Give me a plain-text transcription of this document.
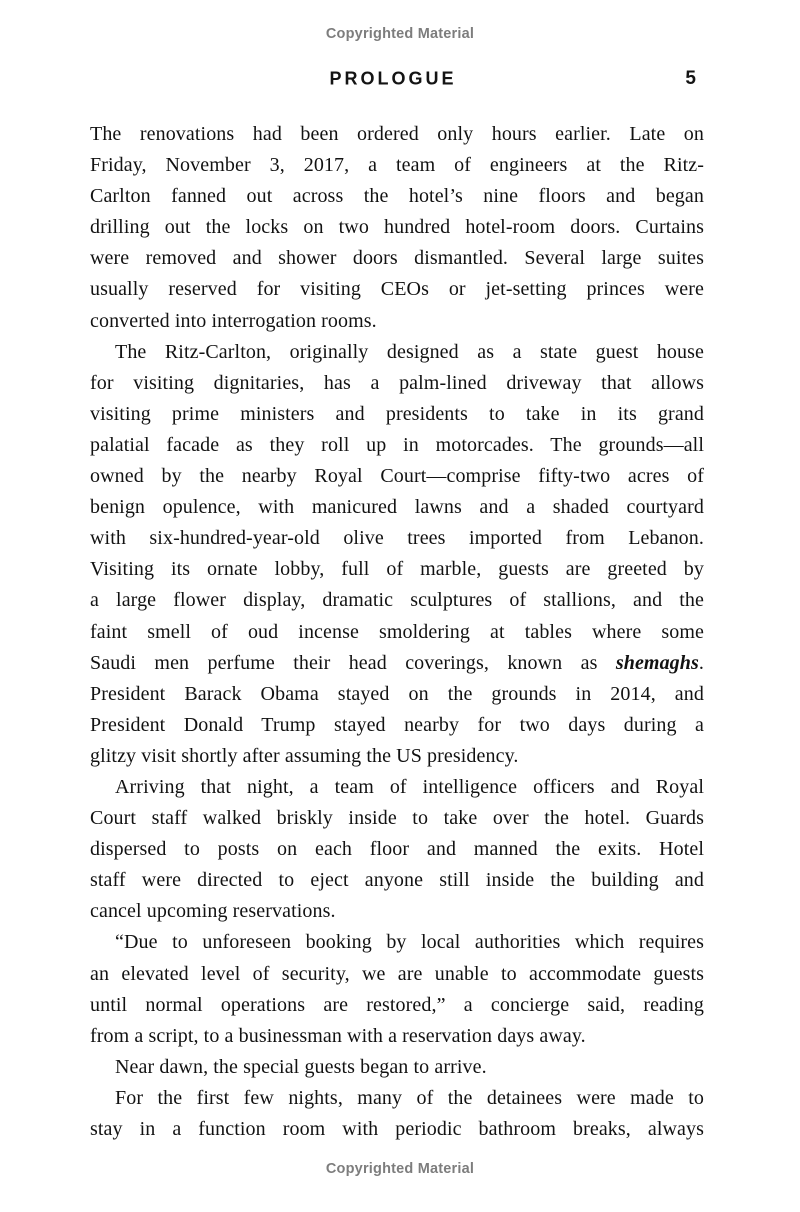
Copyrighted Material
PROLOGUE	5
The renovations had been ordered only hours earlier. Late on
Friday, November 3, 2017, a team of engineers at the Ritz-
Carlton fanned out across the hotel’s nine floors and began
drilling out the locks on two hundred hotel-room doors. Curtains
were removed and shower doors dismantled. Several large suites
usually reserved for visiting CEOs or jet-setting princes were
converted into interrogation rooms.
The Ritz-Carlton, originally designed as a state guest house
for visiting dignitaries, has a palm-lined driveway that allows
visiting prime ministers and presidents to take in its grand
palatial facade as they roll up in motorcades. The grounds—all
owned by the nearby Royal Court—comprise fifty-two acres of
benign opulence, with manicured lawns and a shaded courtyard
with six-hundred-year-old olive trees imported from Lebanon.
Visiting its ornate lobby, full of marble, guests are greeted by
a large flower display, dramatic sculptures of stallions, and the
faint smell of oud incense smoldering at tables where some
Saudi men perfume their head coverings, known as shemaghs.
President Barack Obama stayed on the grounds in 2014, and
President Donald Trump stayed nearby for two days during a
glitzy visit shortly after assuming the US presidency.
Arriving that night, a team of intelligence officers and Royal
Court staff walked briskly inside to take over the hotel. Guards
dispersed to posts on each floor and manned the exits. Hotel
staff were directed to eject anyone still inside the building and
cancel upcoming reservations.
“Due to unforeseen booking by local authorities which requires
an elevated level of security, we are unable to accommodate guests
until normal operations are restored,” a concierge said, reading
from a script, to a businessman with a reservation days away.
Near dawn, the special guests began to arrive.
For the first few nights, many of the detainees were made to
stay in a function room with periodic bathroom breaks, always
Copyrighted Material
